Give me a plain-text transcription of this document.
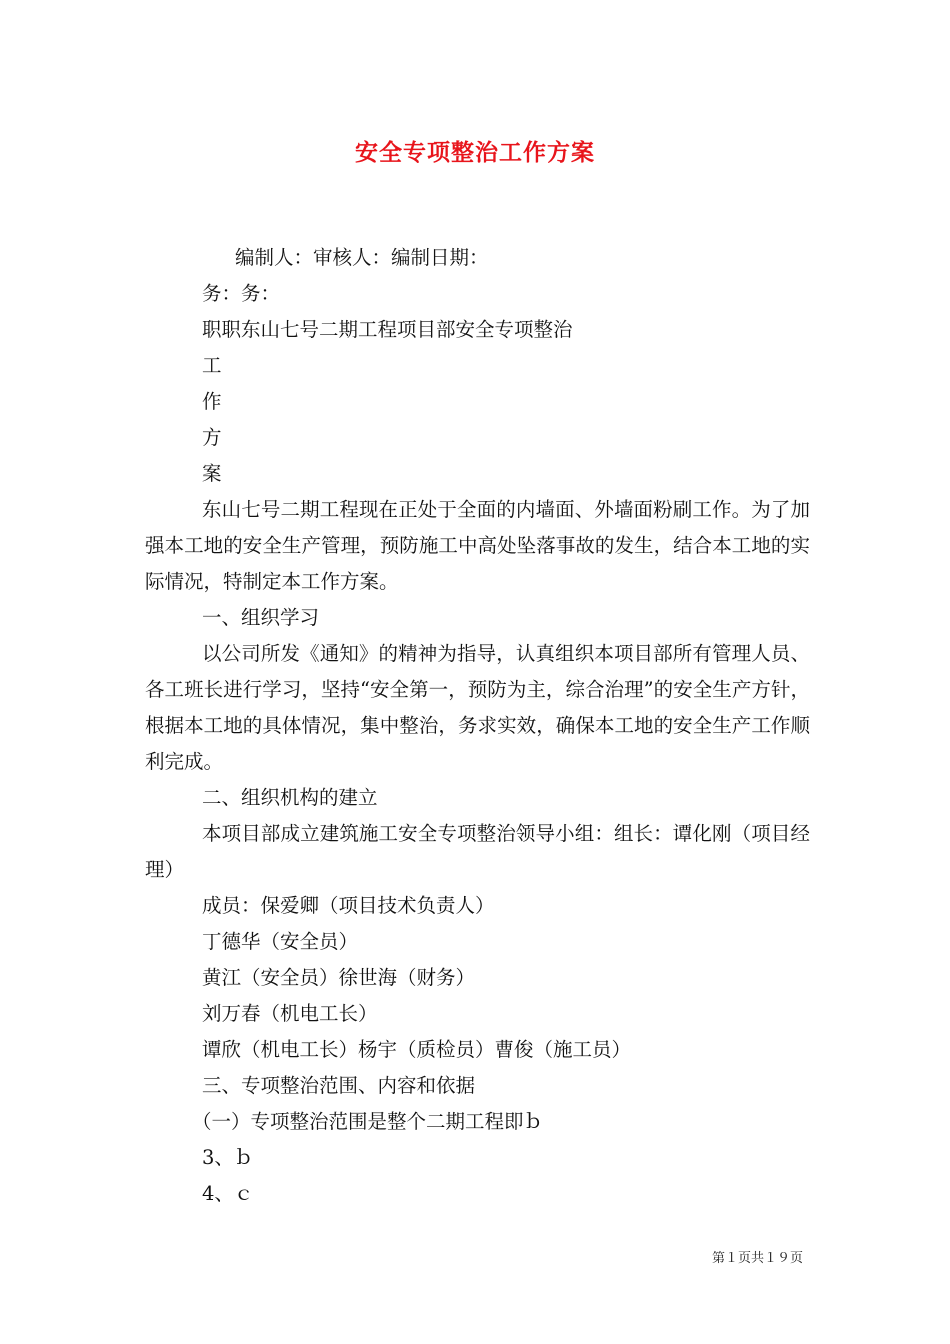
安全专项整治工作方案

编制人：审核人：编制日期：

务：务：

职职东山七号二期工程项目部安全专项整治

工

作

方

案

东山七号二期工程现在正处于全面的内墙面、外墙面粉刷工作。为了加强本工地的安全生产管理，预防施工中高处坠落事故的发生，结合本工地的实际情况，特制定本工作方案。

一、组织学习

以公司所发《通知》的精神为指导，认真组织本项目部所有管理人员、各工班长进行学习，坚持“安全第一，预防为主，综合治理”的安全生产方针，根据本工地的具体情况，集中整治，务求实效，确保本工地的安全生产工作顺利完成。

二、组织机构的建立

本项目部成立建筑施工安全专项整治领导小组：组长：谭化刚（项目经理）

成员：保爱卿（项目技术负责人）

丁德华（安全员）

黄江（安全员）徐世海（财务）

刘万春（机电工长）

谭欣（机电工长）杨宇（质检员）曹俊（施工员）

三、专项整治范围、内容和依据

（一）专项整治范围是整个二期工程即ｂ

3、ｂ

4、ｃ

第１页共１９页
